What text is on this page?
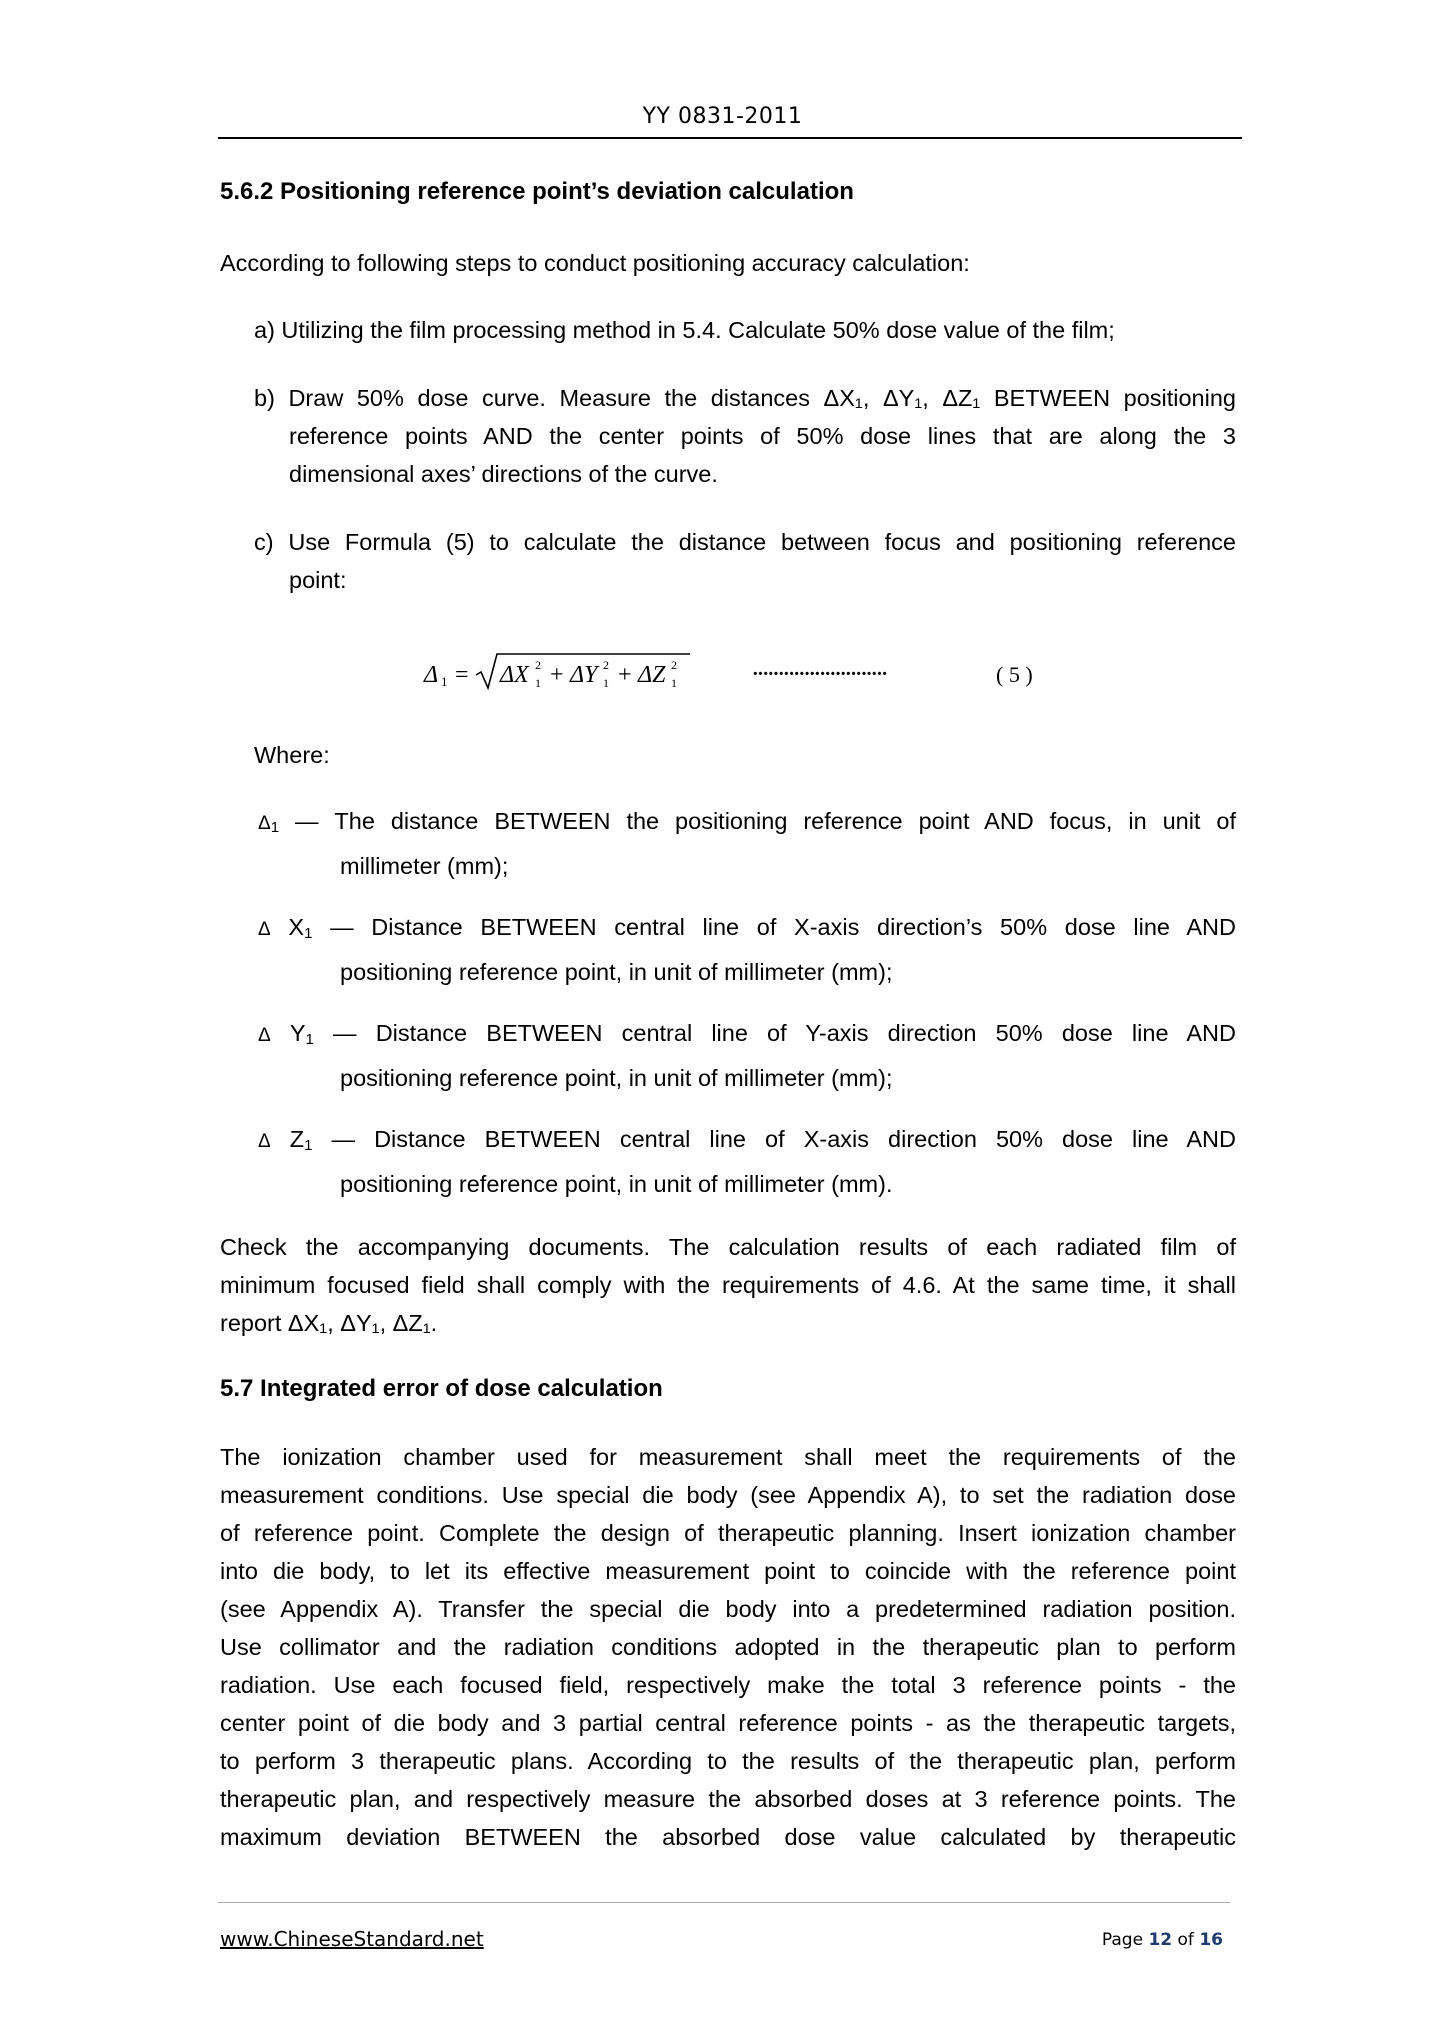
YY 0831-2011
5.6.2 Positioning reference point’s deviation calculation
According to following steps to conduct positioning accuracy calculation:
a) Utilizing the film processing method in 5.4. Calculate 50% dose value of the film;
b) Draw 50% dose curve. Measure the distances ΔX₁, ΔY₁, ΔZ₁ BETWEEN positioning
reference points AND the center points of 50% dose lines that are along the 3
dimensional axes’ directions of the curve.
c) Use Formula (5) to calculate the distance between focus and positioning reference
point:
Δ 1 = ΔX 2
1 + ΔY 2
1 + ΔZ 2
1	··························	( 5 )
Where:
$\Delta_1$ — The distance BETWEEN the positioning reference point AND focus, in unit of
millimeter (mm);
Δ $X_1$ — Distance BETWEEN central line of X-axis direction’s 50% dose line AND
positioning reference point, in unit of millimeter (mm);
Δ $Y_1$ — Distance BETWEEN central line of Y-axis direction 50% dose line AND
positioning reference point, in unit of millimeter (mm);
Δ $Z_1$ — Distance BETWEEN central line of X-axis direction 50% dose line AND
positioning reference point, in unit of millimeter (mm).
Check the accompanying documents. The calculation results of each radiated film of
minimum focused field shall comply with the requirements of 4.6. At the same time, it shall
report ΔX₁, ΔY₁, ΔZ₁.
5.7 Integrated error of dose calculation
The ionization chamber used for measurement shall meet the requirements of the
measurement conditions. Use special die body (see Appendix A), to set the radiation dose
of reference point. Complete the design of therapeutic planning. Insert ionization chamber
into die body, to let its effective measurement point to coincide with the reference point
(see Appendix A). Transfer the special die body into a predetermined radiation position.
Use collimator and the radiation conditions adopted in the therapeutic plan to perform
radiation. Use each focused field, respectively make the total 3 reference points - the
center point of die body and 3 partial central reference points - as the therapeutic targets,
to perform 3 therapeutic plans. According to the results of the therapeutic plan, perform
therapeutic plan, and respectively measure the absorbed doses at 3 reference points. The
maximum deviation BETWEEN the absorbed dose value calculated by therapeutic
www.ChineseStandard.net	Page 12 of 16
